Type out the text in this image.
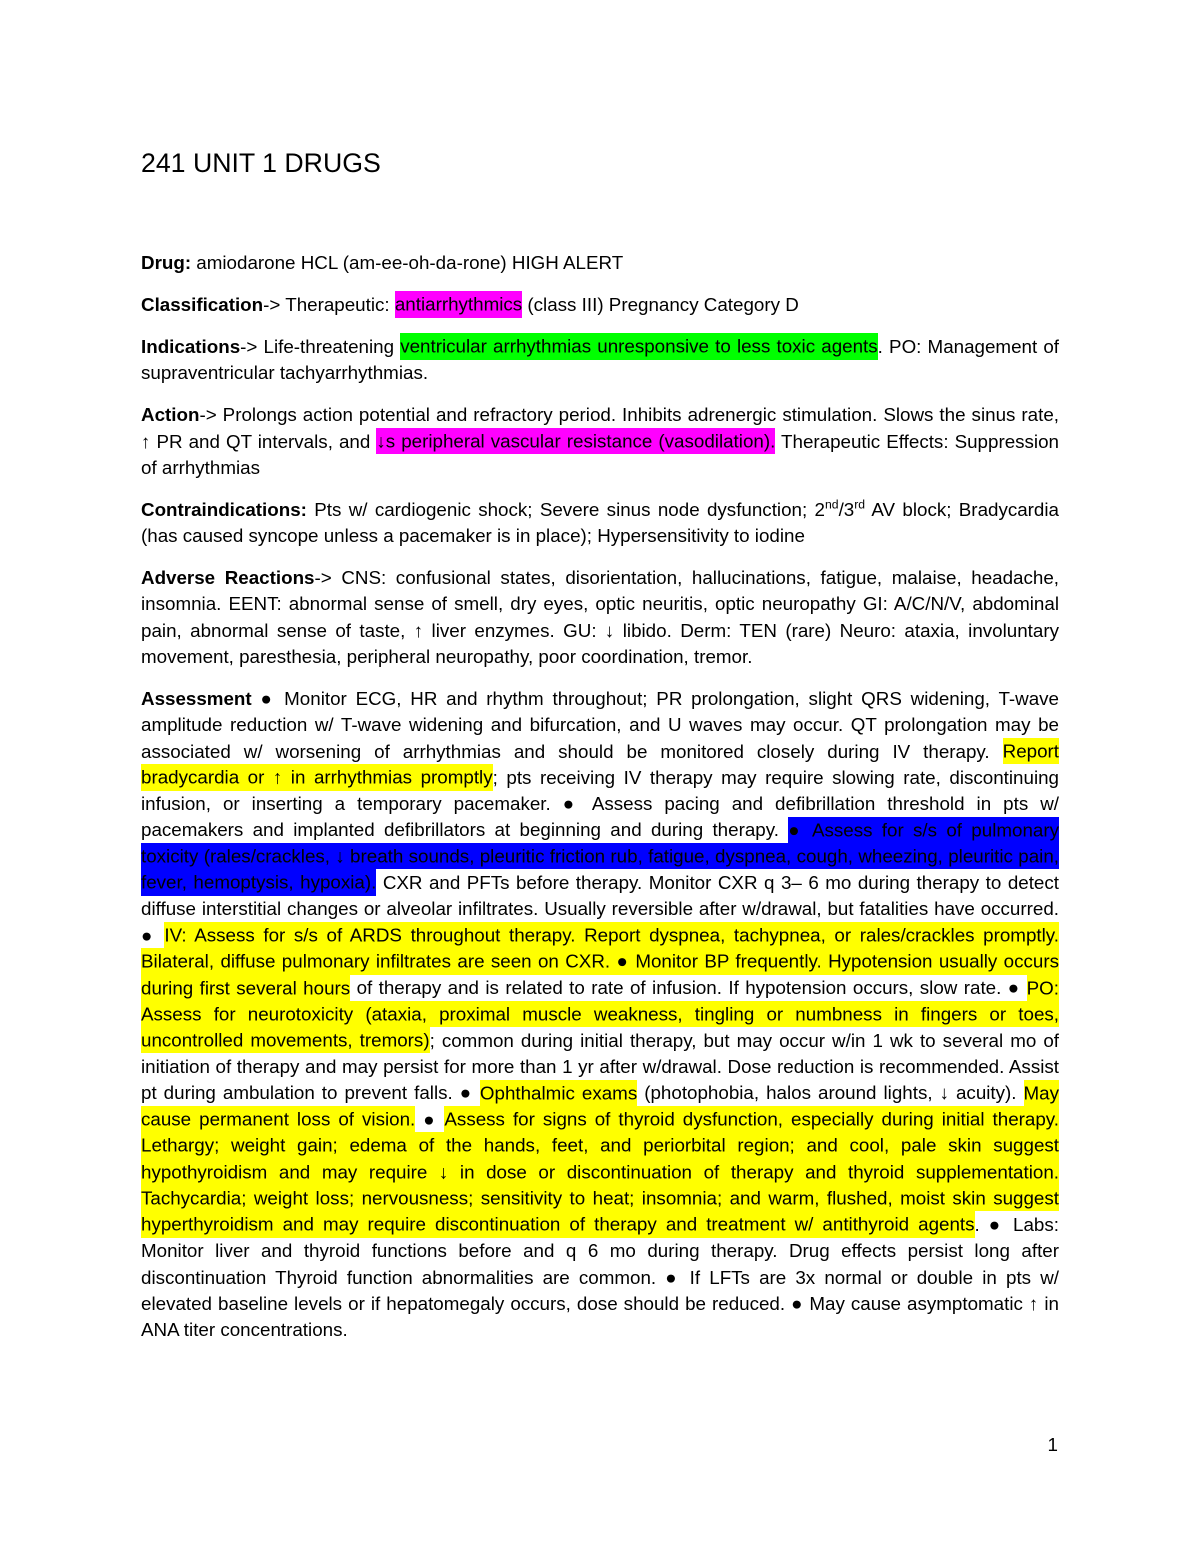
241 UNIT 1 DRUGS

Drug: amiodarone HCL (am-ee-oh-da-rone) HIGH ALERT

Classification-> Therapeutic: antiarrhythmics (class III) Pregnancy Category D

Indications-> Life-threatening ventricular arrhythmias unresponsive to less toxic agents. PO: Management of supraventricular tachyarrhythmias.

Action-> Prolongs action potential and refractory period. Inhibits adrenergic stimulation. Slows the sinus rate, ↑ PR and QT intervals, and ↓s peripheral vascular resistance (vasodilation). Therapeutic Effects: Suppression of arrhythmias

Contraindications: Pts w/ cardiogenic shock; Severe sinus node dysfunction; 2nd/3rd AV block; Bradycardia (has caused syncope unless a pacemaker is in place); Hypersensitivity to iodine

Adverse Reactions-> CNS: confusional states, disorientation, hallucinations, fatigue, malaise, headache, insomnia. EENT: abnormal sense of smell, dry eyes, optic neuritis, optic neuropathy GI: A/C/N/V, abdominal pain, abnormal sense of taste, ↑ liver enzymes. GU: ↓ libido. Derm: TEN (rare) Neuro: ataxia, involuntary movement, paresthesia, peripheral neuropathy, poor coordination, tremor.

Assessment ● Monitor ECG, HR and rhythm throughout; PR prolongation, slight QRS widening, T-wave amplitude reduction w/ T-wave widening and bifurcation, and U waves may occur. QT prolongation may be associated w/ worsening of arrhythmias and should be monitored closely during IV therapy. Report bradycardia or ↑ in arrhythmias promptly; pts receiving IV therapy may require slowing rate, discontinuing infusion, or inserting a temporary pacemaker. ● Assess pacing and defibrillation threshold in pts w/ pacemakers and implanted defibrillators at beginning and during therapy. ● Assess for s/s of pulmonary toxicity (rales/crackles, ↓ breath sounds, pleuritic friction rub, fatigue, dyspnea, cough, wheezing, pleuritic pain, fever, hemoptysis, hypoxia). CXR and PFTs before therapy. Monitor CXR q 3– 6 mo during therapy to detect diffuse interstitial changes or alveolar infiltrates. Usually reversible after w/drawal, but fatalities have occurred. ● IV: Assess for s/s of ARDS throughout therapy. Report dyspnea, tachypnea, or rales/crackles promptly. Bilateral, diffuse pulmonary infiltrates are seen on CXR. ● Monitor BP frequently. Hypotension usually occurs during first several hours of therapy and is related to rate of infusion. If hypotension occurs, slow rate. ● PO: Assess for neurotoxicity (ataxia, proximal muscle weakness, tingling or numbness in fingers or toes, uncontrolled movements, tremors); common during initial therapy, but may occur w/in 1 wk to several mo of initiation of therapy and may persist for more than 1 yr after w/drawal. Dose reduction is recommended. Assist pt during ambulation to prevent falls. ● Ophthalmic exams (photophobia, halos around lights, ↓ acuity). May cause permanent loss of vision. ● Assess for signs of thyroid dysfunction, especially during initial therapy. Lethargy; weight gain; edema of the hands, feet, and periorbital region; and cool, pale skin suggest hypothyroidism and may require ↓ in dose or discontinuation of therapy and thyroid supplementation. Tachycardia; weight loss; nervousness; sensitivity to heat; insomnia; and warm, flushed, moist skin suggest hyperthyroidism and may require discontinuation of therapy and treatment w/ antithyroid agents. ● Labs: Monitor liver and thyroid functions before and q 6 mo during therapy. Drug effects persist long after discontinuation Thyroid function abnormalities are common. ● If LFTs are 3x normal or double in pts w/ elevated baseline levels or if hepatomegaly occurs, dose should be reduced. ● May cause asymptomatic ↑ in ANA titer concentrations.

1
